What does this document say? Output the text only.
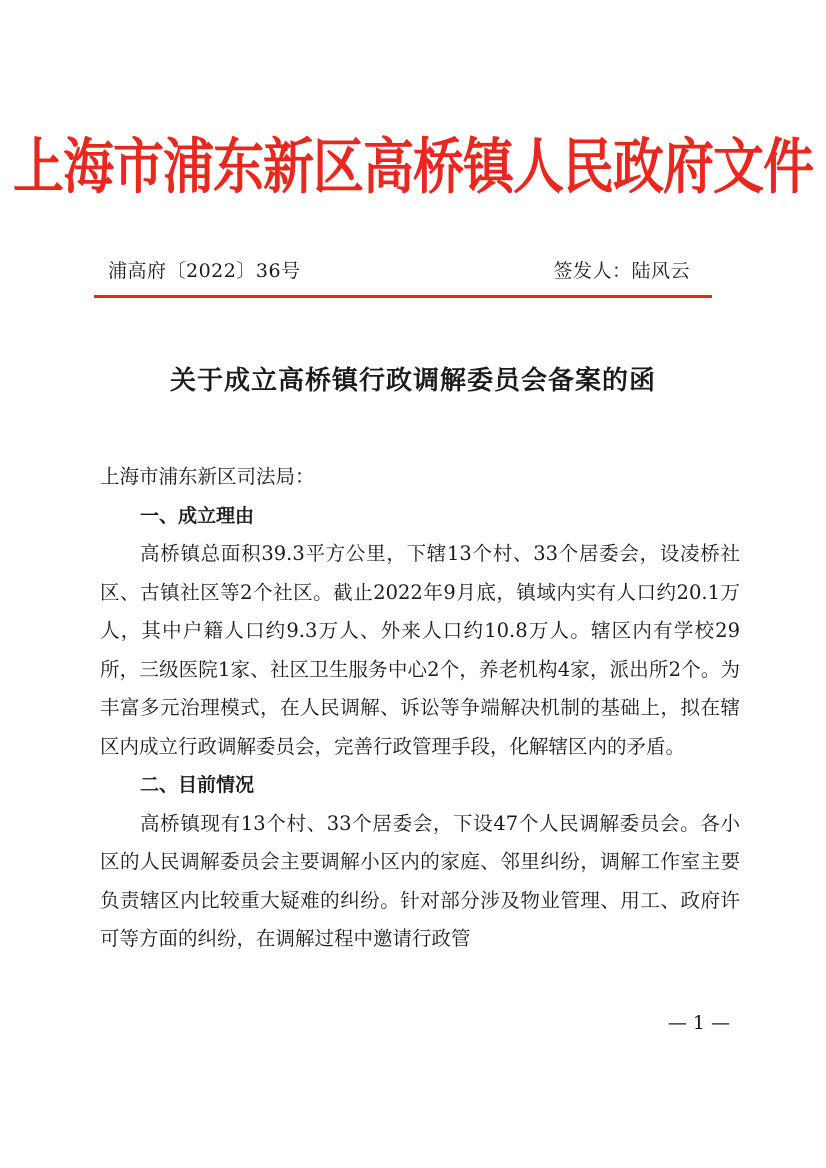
上海市浦东新区高桥镇人民政府文件
浦高府〔2022〕36号	签发人：陆风云
关于成立高桥镇行政调解委员会备案的函

上海市浦东新区司法局：

一、成立理由

高桥镇总面积39.3平方公里，下辖13个村、33个居委会，设凌桥社区、古镇社区等2个社区。截止2022年9月底，镇域内实有人口约20.1万人，其中户籍人口约9.3万人、外来人口约10.8万人。辖区内有学校29所，三级医院1家、社区卫生服务中心2个，养老机构4家，派出所2个。为丰富多元治理模式，在人民调解、诉讼等争端解决机制的基础上，拟在辖区内成立行政调解委员会，完善行政管理手段，化解辖区内的矛盾。

二、目前情况

高桥镇现有13个村、33个居委会，下设47个人民调解委员会。各小区的人民调解委员会主要调解小区内的家庭、邻里纠纷，调解工作室主要负责辖区内比较重大疑难的纠纷。针对部分涉及物业管理、用工、政府许可等方面的纠纷，在调解过程中邀请行政管

— 1 —
